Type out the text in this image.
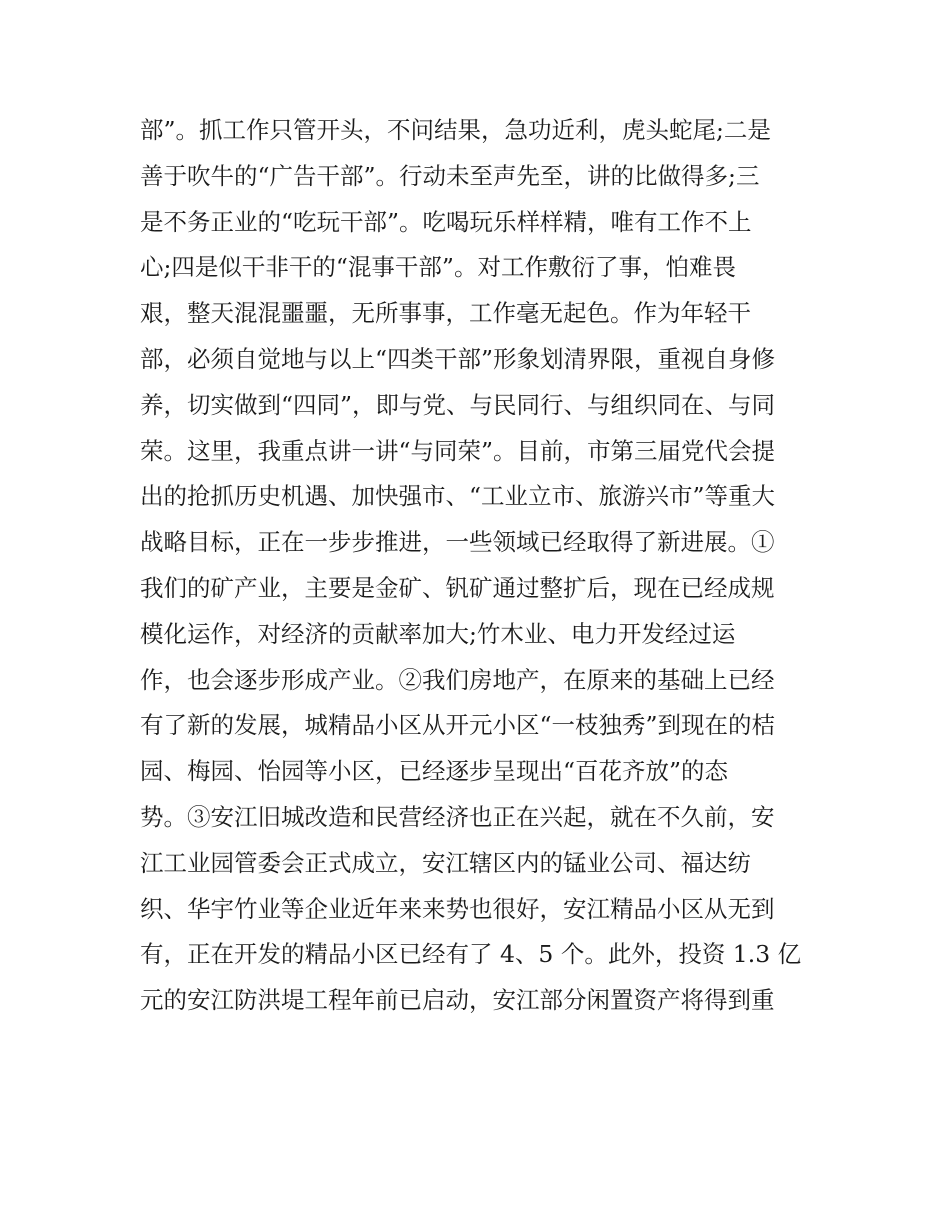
部”。抓工作只管开头，不问结果，急功近利，虎头蛇尾;二是
善于吹牛的“广告干部”。行动未至声先至，讲的比做得多;三
是不务正业的“吃玩干部”。吃喝玩乐样样精，唯有工作不上
心;四是似干非干的“混事干部”。对工作敷衍了事，怕难畏
艰，整天混混噩噩，无所事事，工作毫无起色。作为年轻干
部，必须自觉地与以上“四类干部”形象划清界限，重视自身修
养，切实做到“四同”，即与党、与民同行、与组织同在、与同
荣。这里，我重点讲一讲“与同荣”。目前，市第三届党代会提
出的抢抓历史机遇、加快强市、“工业立市、旅游兴市”等重大
战略目标，正在一步步推进，一些领域已经取得了新进展。①
我们的矿产业，主要是金矿、钒矿通过整扩后，现在已经成规
模化运作，对经济的贡献率加大;竹木业、电力开发经过运
作，也会逐步形成产业。②我们房地产，在原来的基础上已经
有了新的发展，城精品小区从开元小区“一枝独秀”到现在的桔
园、梅园、怡园等小区，已经逐步呈现出“百花齐放”的态
势。③安江旧城改造和民营经济也正在兴起，就在不久前，安
江工业园管委会正式成立，安江辖区内的锰业公司、福达纺
织、华宇竹业等企业近年来来势也很好，安江精品小区从无到
有，正在开发的精品小区已经有了 4、5 个。此外，投资 1.3 亿
元的安江防洪堤工程年前已启动，安江部分闲置资产将得到重
